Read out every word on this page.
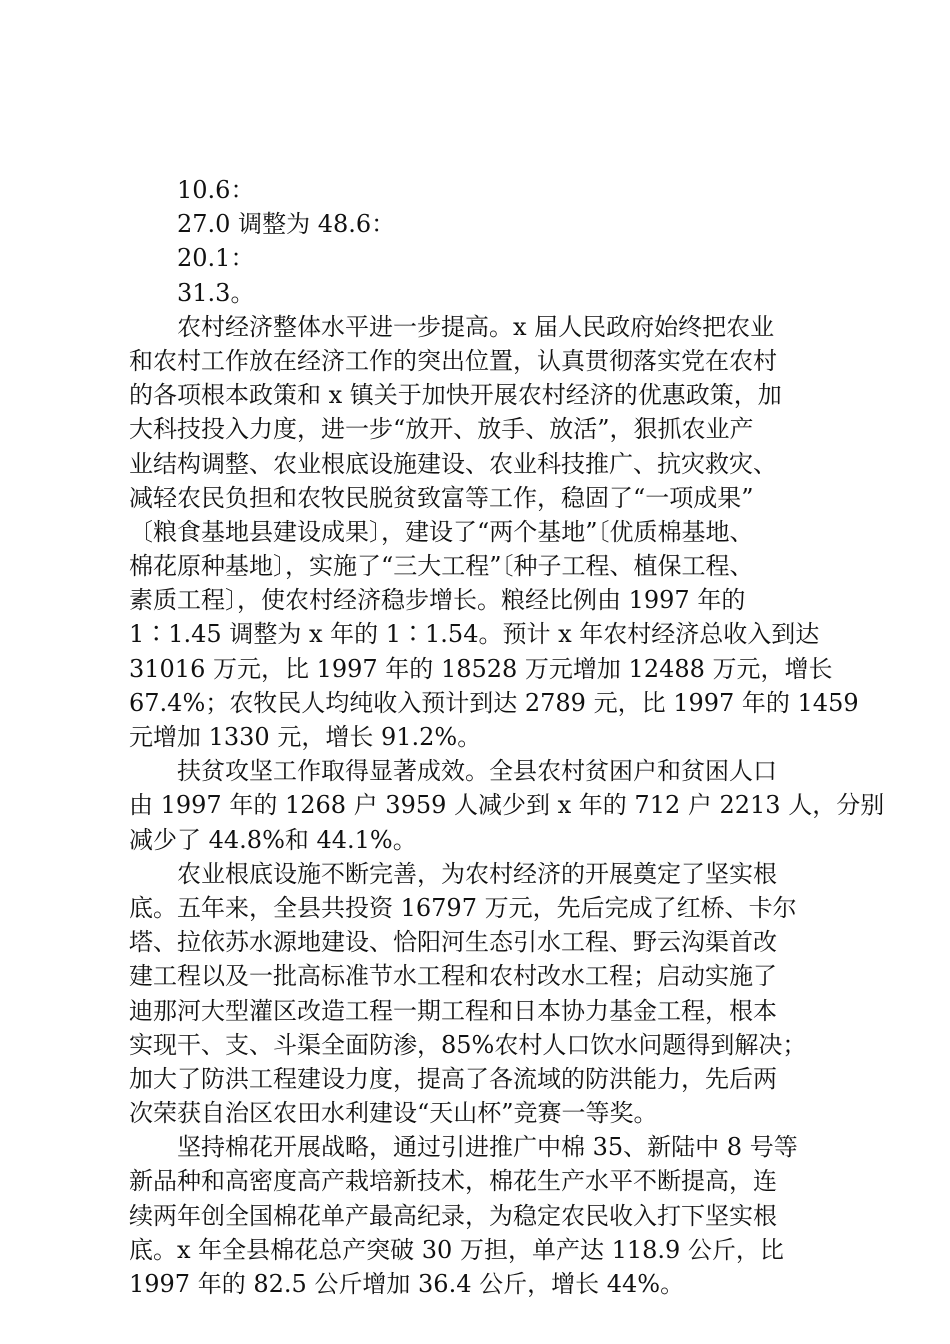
10.6：
27.0 调整为 48.6：
20.1：
31.3。
农村经济整体水平进一步提高。x 届人民政府始终把农业
和农村工作放在经济工作的突出位置，认真贯彻落实党在农村
的各项根本政策和 x 镇关于加快开展农村经济的优惠政策，加
大科技投入力度，进一步“放开、放手、放活”，狠抓农业产
业结构调整、农业根底设施建设、农业科技推广、抗灾救灾、
减轻农民负担和农牧民脱贫致富等工作，稳固了“一项成果”
〔粮食基地县建设成果〕，建设了“两个基地”〔优质棉基地、
棉花原种基地〕，实施了“三大工程”〔种子工程、植保工程、
素质工程〕，使农村经济稳步增长。粮经比例由 1997 年的
1∶1.45 调整为 x 年的 1∶1.54。预计 x 年农村经济总收入到达
31016 万元，比 1997 年的 18528 万元增加 12488 万元，增长
67.4%；农牧民人均纯收入预计到达 2789 元，比 1997 年的 1459
元增加 1330 元，增长 91.2%。
扶贫攻坚工作取得显著成效。全县农村贫困户和贫困人口
由 1997 年的 1268 户 3959 人减少到 x 年的 712 户 2213 人，分别
减少了 44.8%和 44.1%。
农业根底设施不断完善，为农村经济的开展奠定了坚实根
底。五年来，全县共投资 16797 万元，先后完成了红桥、卡尔
塔、拉依苏水源地建设、恰阳河生态引水工程、野云沟渠首改
建工程以及一批高标准节水工程和农村改水工程；启动实施了
迪那河大型灌区改造工程一期工程和日本协力基金工程，根本
实现干、支、斗渠全面防渗，85%农村人口饮水问题得到解决；
加大了防洪工程建设力度，提高了各流域的防洪能力，先后两
次荣获自治区农田水利建设“天山杯”竞赛一等奖。
坚持棉花开展战略，通过引进推广中棉 35、新陆中 8 号等
新品种和高密度高产栽培新技术，棉花生产水平不断提高，连
续两年创全国棉花单产最高纪录，为稳定农民收入打下坚实根
底。x 年全县棉花总产突破 30 万担，单产达 118.9 公斤，比
1997 年的 82.5 公斤增加 36.4 公斤，增长 44%。
